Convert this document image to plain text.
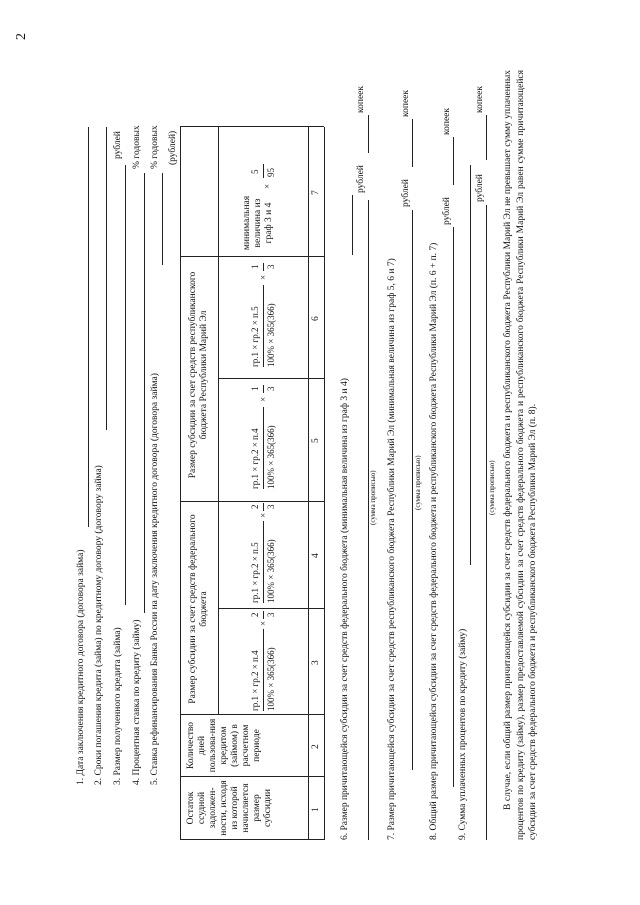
2
1. Дата заключения кредитного договора (договора займа) 2. Сроки погашения кредита (займа) по кредитному договору (договору займа) 3. Размер полученного кредита (займа)
рублей
4. Процентная ставка по кредиту (займу)
% годовых
5. Ставка рефинансирования Банка России на дату заключения кредитного договора (договора займа)
% годовых (рублей)
Остаток ссудной задолжен-ности, исходя из которой начисляется размер субсидии
Количество дней пользова-ния кредитом (займом) в расчетном периоде
Размер субсидии за счет средств федерального бюджета
Размер субсидии за счет средств республиканского бюджета Республики Марий Эл
минимальная величина из граф 3 и 4
гр.1 × гр.2 × п.4 100% × 365(366)
×
2 3
гр.1 × гр.2 × п.5 100% × 365(366)
×
2 3
гр.1 × гр.2 × п.4 100% × 365(366)
×
1 3
гр.1 × гр.2 × п.5 100% × 365(366)
×
1 3
×
5 95
1
2
3
4
5
6
7
6. Размер причитающейся субсидии за счет средств федерального бюджета (минимальная величина из граф 3 и 4)
рублей
копеек
(сумма прописью) 7. Размер причитающейся субсидии за счет средств республиканского бюджета Республики Марий Эл (минимальная величина из граф 5, 6 и 7)
рублей
копеек
(сумма прописью) 8. Общий размер причитающейся субсидии за счет средств федерального бюджета и республиканского бюджета Республики Марий Эл (п. 6 + п. 7)
рублей
копеек
9. Сумма уплаченных процентов по кредиту (займу)
рублей
копеек
(сумма прописью) В случае, если общий размер причитающейся субсидии за счет средств федерального бюджета и республиканского бюджета Республики Марий Эл не превышает сумму уплаченных процентов по кредиту (займу), размер предоставляемой субсидии за счет средств федерального бюджета и республиканского бюджета Республики Марий Эл равен сумме причитающейся субсидии за счет средств федерального бюджета и республиканского бюджета Республики Марий Эл (п. 8).
